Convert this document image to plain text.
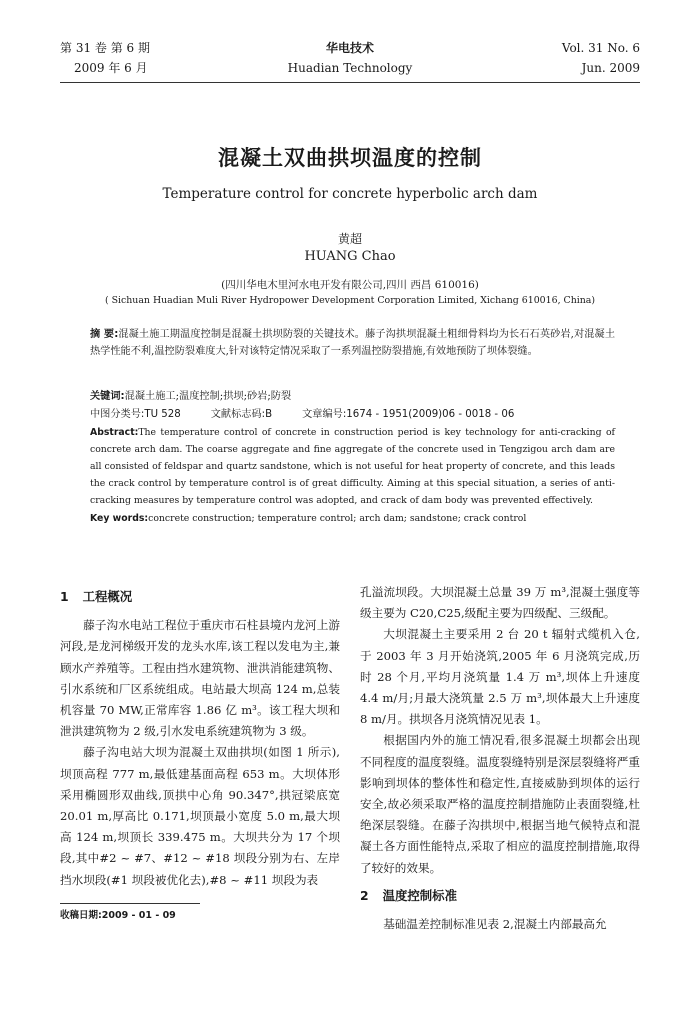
第 31 卷 第 6 期
2009 年 6 月
华电技术
Huadian Technology
Vol. 31 No. 6
Jun. 2009
混凝土双曲拱坝温度的控制
Temperature control for concrete hyperbolic arch dam
黄超
HUANG Chao
(四川华电木里河水电开发有限公司,四川 西昌 610016)
( Sichuan Huadian Muli River Hydropower Development Corporation Limited, Xichang 610016, China)
摘 要:混凝土施工期温度控制是混凝土拱坝防裂的关键技术。藤子沟拱坝混凝土粗细骨料均为长石石英砂岩,对混凝土热学性能不利,温控防裂难度大,针对该特定情况采取了一系列温控防裂措施,有效地预防了坝体裂缝。
关键词:混凝土施工;温度控制;拱坝;砂岩;防裂
中图分类号:TU 528	文献标志码:B	文章编号:1674 - 1951(2009)06 - 0018 - 06
Abstract:The temperature control of concrete in construction period is key technology for anti-cracking of concrete arch dam. The coarse aggregate and fine aggregate of the concrete used in Tengzigou arch dam are all consisted of feldspar and quartz sandstone, which is not useful for heat property of concrete, and this leads the crack control by temperature control is of great difficulty. Aiming at this special situation, a series of anti-cracking measures by temperature control was adopted, and crack of dam body was prevented effectively.
Key words:concrete construction; temperature control; arch dam; sandstone; crack control
1 工程概况

藤子沟水电站工程位于重庆市石柱县境内龙河上游河段,是龙河梯级开发的龙头水库,该工程以发电为主,兼顾水产养殖等。工程由挡水建筑物、泄洪消能建筑物、引水系统和厂区系统组成。电站最大坝高 124 m,总装机容量 70 MW,正常库容 1.86 亿 m³。该工程大坝和泄洪建筑物为 2 级,引水发电系统建筑物为 3 级。

藤子沟电站大坝为混凝土双曲拱坝(如图 1 所示),坝顶高程 777 m,最低建基面高程 653 m。大坝体形采用椭圆形双曲线,顶拱中心角 90.347°,拱冠梁底宽 20.01 m,厚高比 0.171,坝顶最小宽度 5.0 m,最大坝高 124 m,坝顶长 339.475 m。大坝共分为 17 个坝段,其中#2 ~ #7、#12 ~ #18 坝段分别为右、左岸挡水坝段(#1 坝段被优化去),#8 ~ #11 坝段为表

孔溢流坝段。大坝混凝土总量 39 万 m³,混凝土强度等级主要为 C20,C25,级配主要为四级配、三级配。

大坝混凝土主要采用 2 台 20 t 辐射式缆机入仓,于 2003 年 3 月开始浇筑,2005 年 6 月浇筑完成,历时 28 个月,平均月浇筑量 1.4 万 m³,坝体上升速度 4.4 m/月;月最大浇筑量 2.5 万 m³,坝体最大上升速度 8 m/月。拱坝各月浇筑情况见表 1。

根据国内外的施工情况看,很多混凝土坝都会出现不同程度的温度裂缝。温度裂缝特别是深层裂缝将严重影响到坝体的整体性和稳定性,直接威胁到坝体的运行安全,故必须采取严格的温度控制措施防止表面裂缝,杜绝深层裂缝。在藤子沟拱坝中,根据当地气候特点和混凝土各方面性能特点,采取了相应的温度控制措施,取得了较好的效果。

2 温度控制标准

基础温差控制标准见表 2,混凝土内部最高允

收稿日期:2009 - 01 - 09
